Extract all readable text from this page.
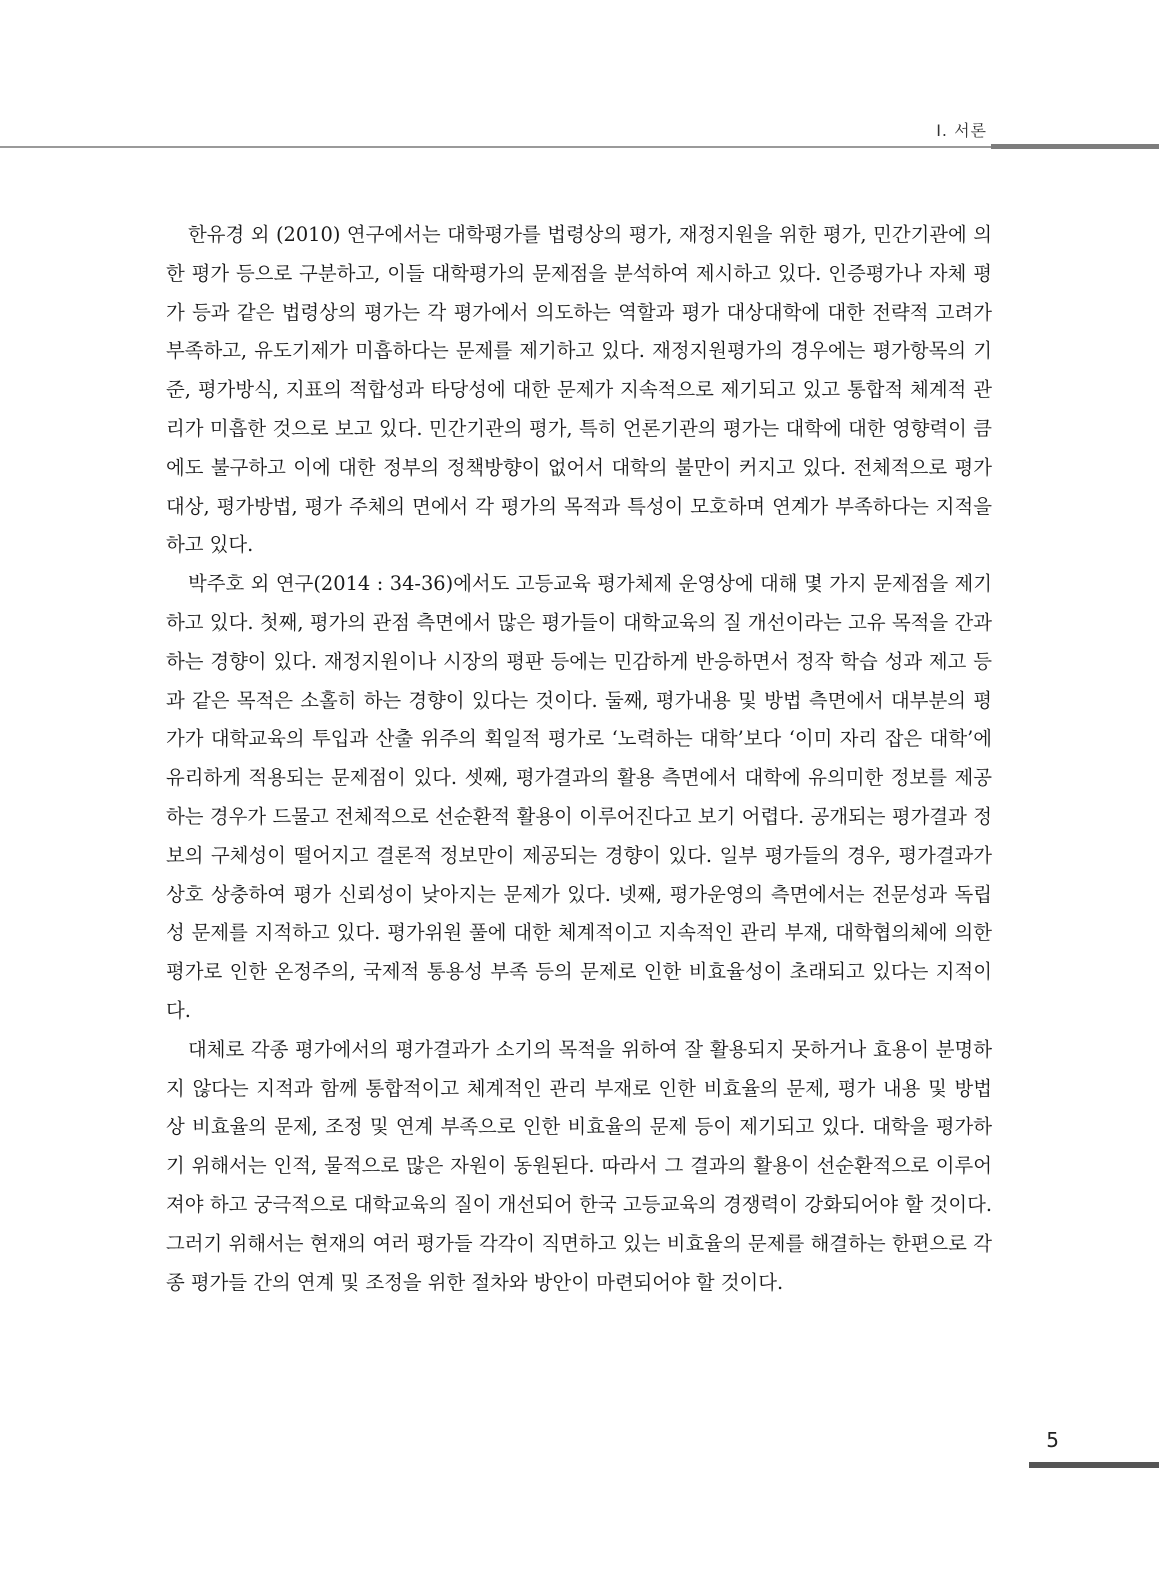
Ⅰ. 서론

한유경 외 (2010) 연구에서는 대학평가를 법령상의 평가, 재정지원을 위한 평가, 민간기관에 의한 평가 등으로 구분하고, 이들 대학평가의 문제점을 분석하여 제시하고 있다. 인증평가나 자체 평가 등과 같은 법령상의 평가는 각 평가에서 의도하는 역할과 평가 대상대학에 대한 전략적 고려가 부족하고, 유도기제가 미흡하다는 문제를 제기하고 있다. 재정지원평가의 경우에는 평가항목의 기준, 평가방식, 지표의 적합성과 타당성에 대한 문제가 지속적으로 제기되고 있고 통합적 체계적 관리가 미흡한 것으로 보고 있다. 민간기관의 평가, 특히 언론기관의 평가는 대학에 대한 영향력이 큼에도 불구하고 이에 대한 정부의 정책방향이 없어서 대학의 불만이 커지고 있다. 전체적으로 평가대상, 평가방법, 평가 주체의 면에서 각 평가의 목적과 특성이 모호하며 연계가 부족하다는 지적을 하고 있다.

박주호 외 연구(2014 : 34-36)에서도 고등교육 평가체제 운영상에 대해 몇 가지 문제점을 제기하고 있다. 첫째, 평가의 관점 측면에서 많은 평가들이 대학교육의 질 개선이라는 고유 목적을 간과하는 경향이 있다. 재정지원이나 시장의 평판 등에는 민감하게 반응하면서 정작 학습 성과 제고 등과 같은 목적은 소홀히 하는 경향이 있다는 것이다. 둘째, 평가내용 및 방법 측면에서 대부분의 평가가 대학교육의 투입과 산출 위주의 획일적 평가로 ‘노력하는 대학’보다 ‘이미 자리 잡은 대학’에 유리하게 적용되는 문제점이 있다. 셋째, 평가결과의 활용 측면에서 대학에 유의미한 정보를 제공하는 경우가 드물고 전체적으로 선순환적 활용이 이루어진다고 보기 어렵다. 공개되는 평가결과 정보의 구체성이 떨어지고 결론적 정보만이 제공되는 경향이 있다. 일부 평가들의 경우, 평가결과가 상호 상충하여 평가 신뢰성이 낮아지는 문제가 있다. 넷째, 평가운영의 측면에서는 전문성과 독립성 문제를 지적하고 있다. 평가위원 풀에 대한 체계적이고 지속적인 관리 부재, 대학협의체에 의한 평가로 인한 온정주의, 국제적 통용성 부족 등의 문제로 인한 비효율성이 초래되고 있다는 지적이다.

대체로 각종 평가에서의 평가결과가 소기의 목적을 위하여 잘 활용되지 못하거나 효용이 분명하지 않다는 지적과 함께 통합적이고 체계적인 관리 부재로 인한 비효율의 문제, 평가 내용 및 방법 상 비효율의 문제, 조정 및 연계 부족으로 인한 비효율의 문제 등이 제기되고 있다. 대학을 평가하기 위해서는 인적, 물적으로 많은 자원이 동원된다. 따라서 그 결과의 활용이 선순환적으로 이루어져야 하고 궁극적으로 대학교육의 질이 개선되어 한국 고등교육의 경쟁력이 강화되어야 할 것이다. 그러기 위해서는 현재의 여러 평가들 각각이 직면하고 있는 비효율의 문제를 해결하는 한편으로 각종 평가들 간의 연계 및 조정을 위한 절차와 방안이 마련되어야 할 것이다.

5
